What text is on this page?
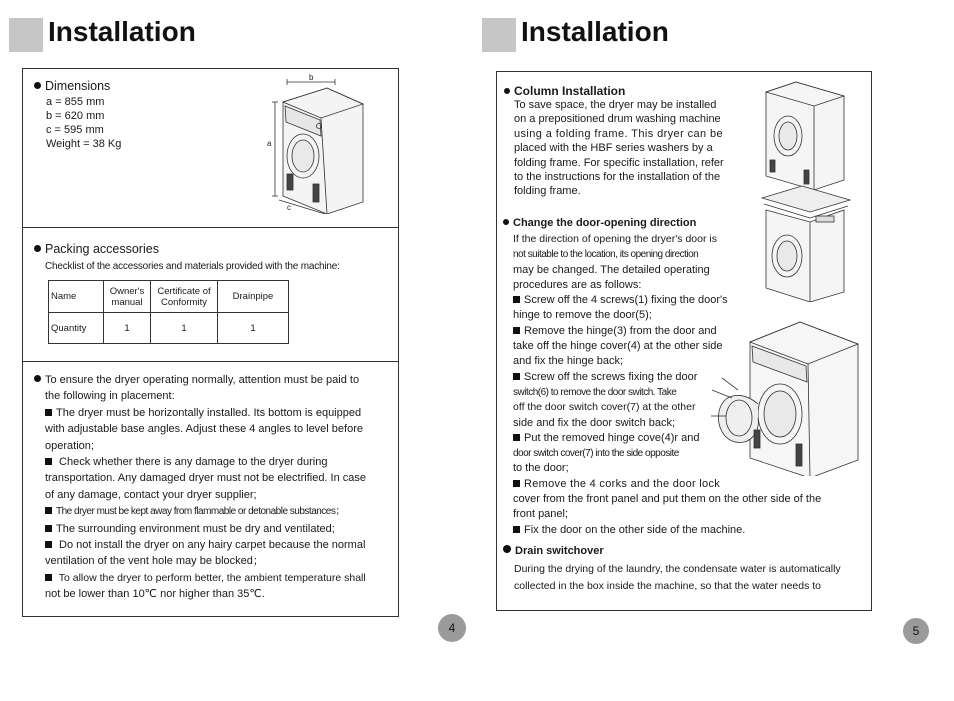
Installation
Dimensions
a = 855 mm
b = 620 mm
c = 595 mm
Weight = 38 Kg
b
a
c
Packing accessories
Checklist of the accessories and materials provided with the machine:
Name	Owner's manual	Certificate of Conformity	Drainpipe
Quantity	1	1	1
To ensure the dryer operating normally, attention must be paid to
the following in placement:
The dryer must be horizontally installed. Its bottom is equipped
with adjustable base angles. Adjust these 4 angles to level before
operation;
Check whether there is any damage to the dryer during
transportation. Any damaged dryer must not be electrified. In case
of any damage, contact your dryer supplier;
The dryer must be kept away from flammable or detonable substances；
The surrounding environment must be dry and ventilated;
Do not install the dryer on any hairy carpet because the normal
ventilation of the vent hole may be blocked；
To allow the dryer to perform better, the ambient temperature shall
not be lower than 10℃ nor higher than 35℃.
4
Installation
Column Installation
To save space, the dryer may be installed
on a prepositioned drum washing machine
using a folding frame. This dryer can be
placed with the HBF series washers by a
folding frame. For specific installation, refer
to the instructions for the installation of the
folding frame.
Change the door-opening direction
If the direction of opening the dryer's door is
not suitable to the location, its opening direction
may be changed. The detailed operating
procedures are as follows:
Screw off the 4 screws(1) fixing the door's
hinge to remove the door(5);
Remove the hinge(3) from the door and
take off the hinge cover(4) at the other side
and fix the hinge back;
Screw off the screws fixing the door
switch(6) to remove the door switch. Take
off the door switch cover(7) at the other
side and fix the door switch back;
Put the removed hinge cove(4)r and
door switch cover(7) into the side opposite
to the door;
Remove the 4 corks and the door lock
cover from the front panel and put them on the other side of the
front panel;
Fix the door on the other side of the machine.
Drain switchover
During the drying of the laundry, the condensate water is automatically
collected in the box inside the machine, so that the water needs to
5
